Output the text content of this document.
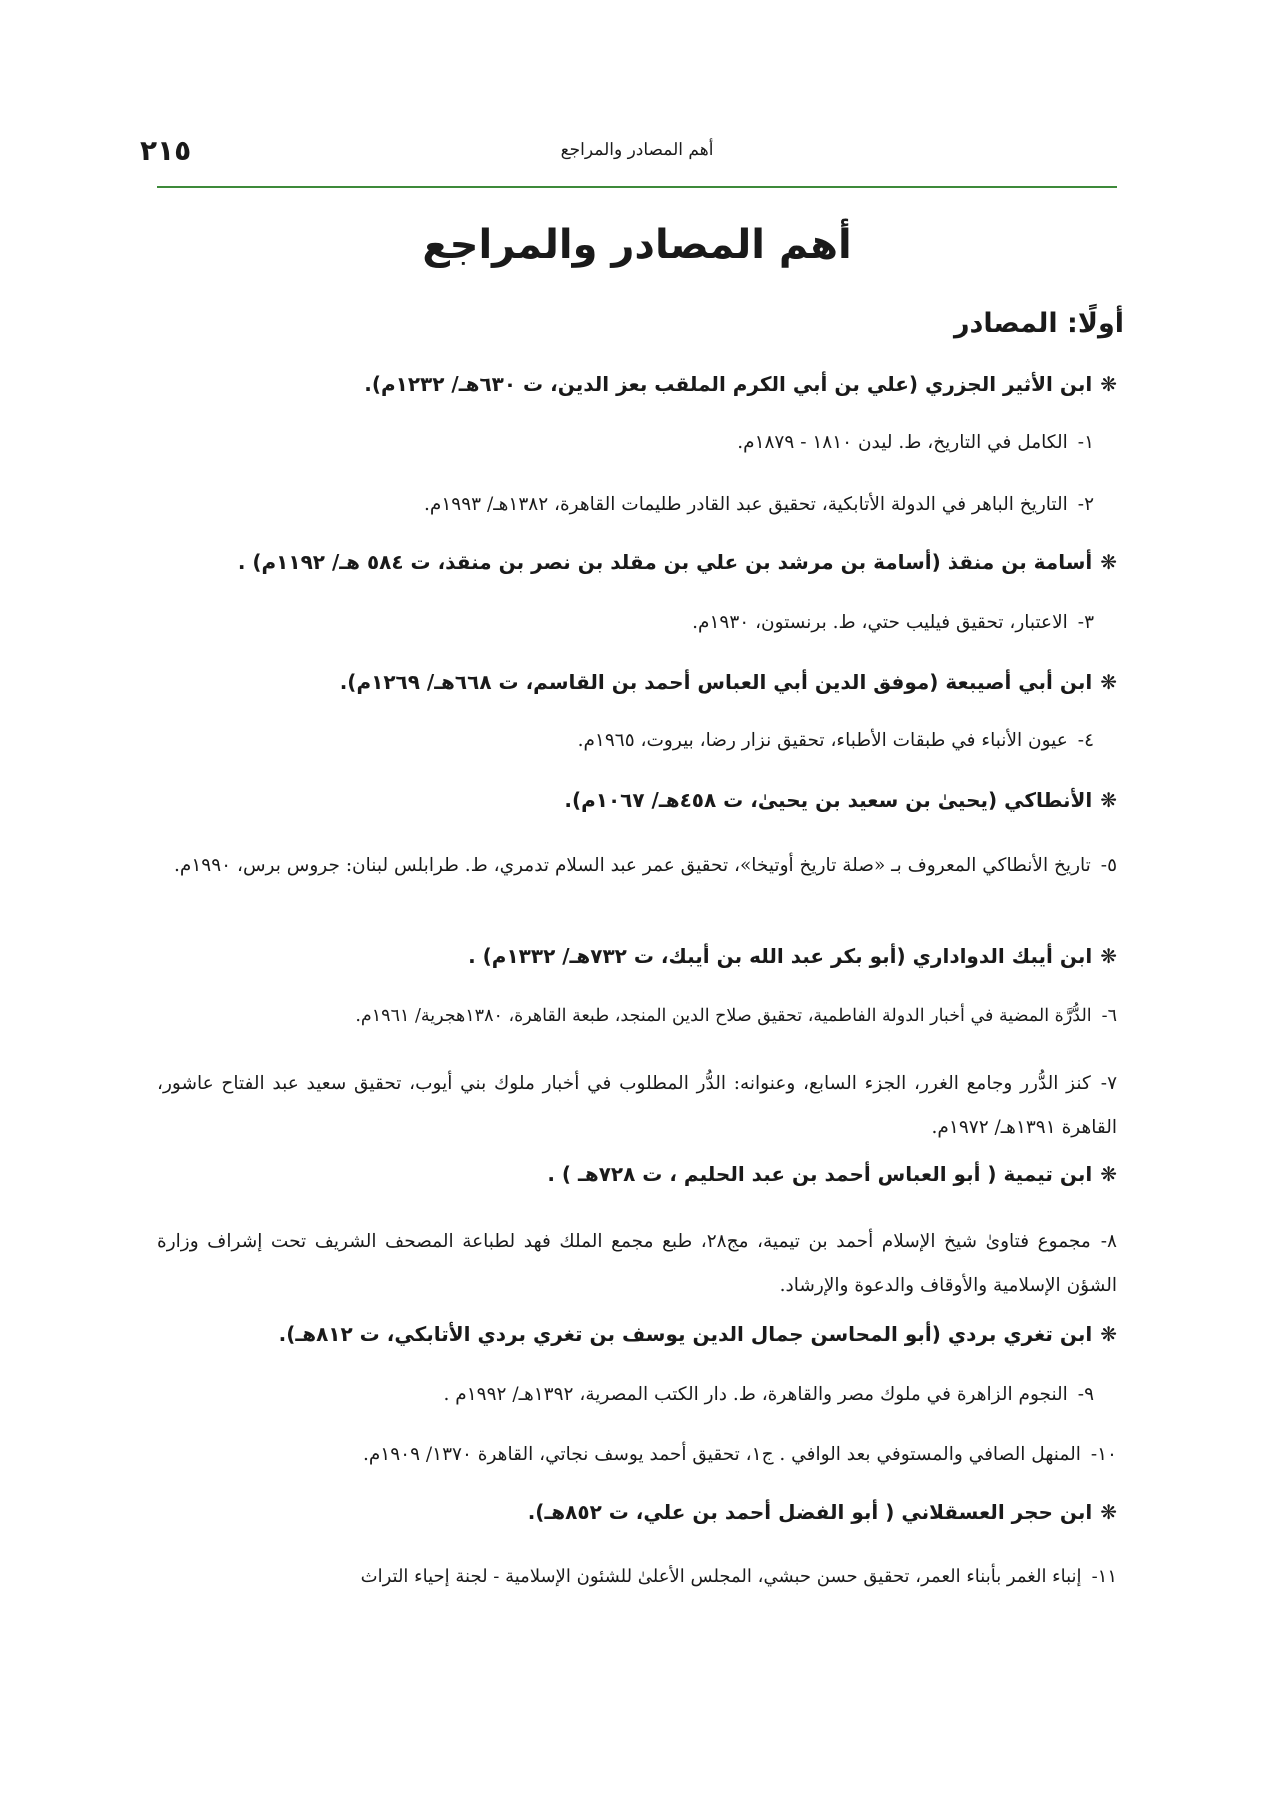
٢١٥	أهم المصادر والمراجع
أهم المصادر والمراجع
أولًا: المصادر
❋ابن الأثير الجزري (علي بن أبي الكرم الملقب بعز الدين، ت ٦٣٠هـ/ ١٢٣٢م).
١-الكامل في التاريخ، ط. ليدن ١٨١٠ - ١٨٧٩م.
٢-التاريخ الباهر في الدولة الأتابكية، تحقيق عبد القادر طليمات القاهرة، ١٣٨٢هـ/ ١٩٩٣م.
❋أسامة بن منقذ (أسامة بن مرشد بن علي بن مقلد بن نصر بن منقذ، ت ٥٨٤ هـ/ ١١٩٢م) .
٣-الاعتبار، تحقيق فيليب حتي، ط. برنستون، ١٩٣٠م.
❋ابن أبي أصيبعة (موفق الدين أبي العباس أحمد بن القاسم، ت ٦٦٨هـ/ ١٢٦٩م).
٤-عيون الأنباء في طبقات الأطباء، تحقيق نزار رضا، بيروت، ١٩٦٥م.
❋الأنطاكي (يحيىٰ بن سعيد بن يحيىٰ، ت ٤٥٨هـ/ ١٠٦٧م).
٥-تاريخ الأنطاكي المعروف بـ «صلة تاريخ أوتيخا»، تحقيق عمر عبد السلام تدمري، ط. طرابلس لبنان: جروس برس، ١٩٩٠م.
❋ابن أيبك الدواداري (أبو بكر عبد الله بن أيبك، ت ٧٣٢هـ/ ١٣٣٢م) .
٦-الدُّرَّة المضية في أخبار الدولة الفاطمية، تحقيق صلاح الدين المنجد، طبعة القاهرة، ١٣٨٠هجرية/ ١٩٦١م.
٧-كنز الدُّرر وجامع الغرر، الجزء السابع، وعنوانه: الدُّر المطلوب في أخبار ملوك بني أيوب، تحقيق سعيد عبد الفتاح عاشور، القاهرة ١٣٩١هـ/ ١٩٧٢م.
❋ابن تيمية ( أبو العباس أحمد بن عبد الحليم ، ت ٧٢٨هـ ) .
٨-مجموع فتاوىٰ شيخ الإسلام أحمد بن تيمية، مج٢٨، طبع مجمع الملك فهد لطباعة المصحف الشريف تحت إشراف وزارة الشؤن الإسلامية والأوقاف والدعوة والإرشاد.
❋ابن تغري بردي (أبو المحاسن جمال الدين يوسف بن تغري بردي الأتابكي، ت ٨١٢هـ).
٩-النجوم الزاهرة في ملوك مصر والقاهرة، ط. دار الكتب المصرية، ١٣٩٢هـ/ ١٩٩٢م .
١٠-المنهل الصافي والمستوفي بعد الوافي . ج١، تحقيق أحمد يوسف نجاتي، القاهرة ١٣٧٠/ ١٩٠٩م.
❋ابن حجر العسقلاني ( أبو الفضل أحمد بن علي، ت ٨٥٢هـ).
١١-إنباء الغمر بأبناء العمر، تحقيق حسن حبشي، المجلس الأعلىٰ للشئون الإسلامية - لجنة إحياء التراث
